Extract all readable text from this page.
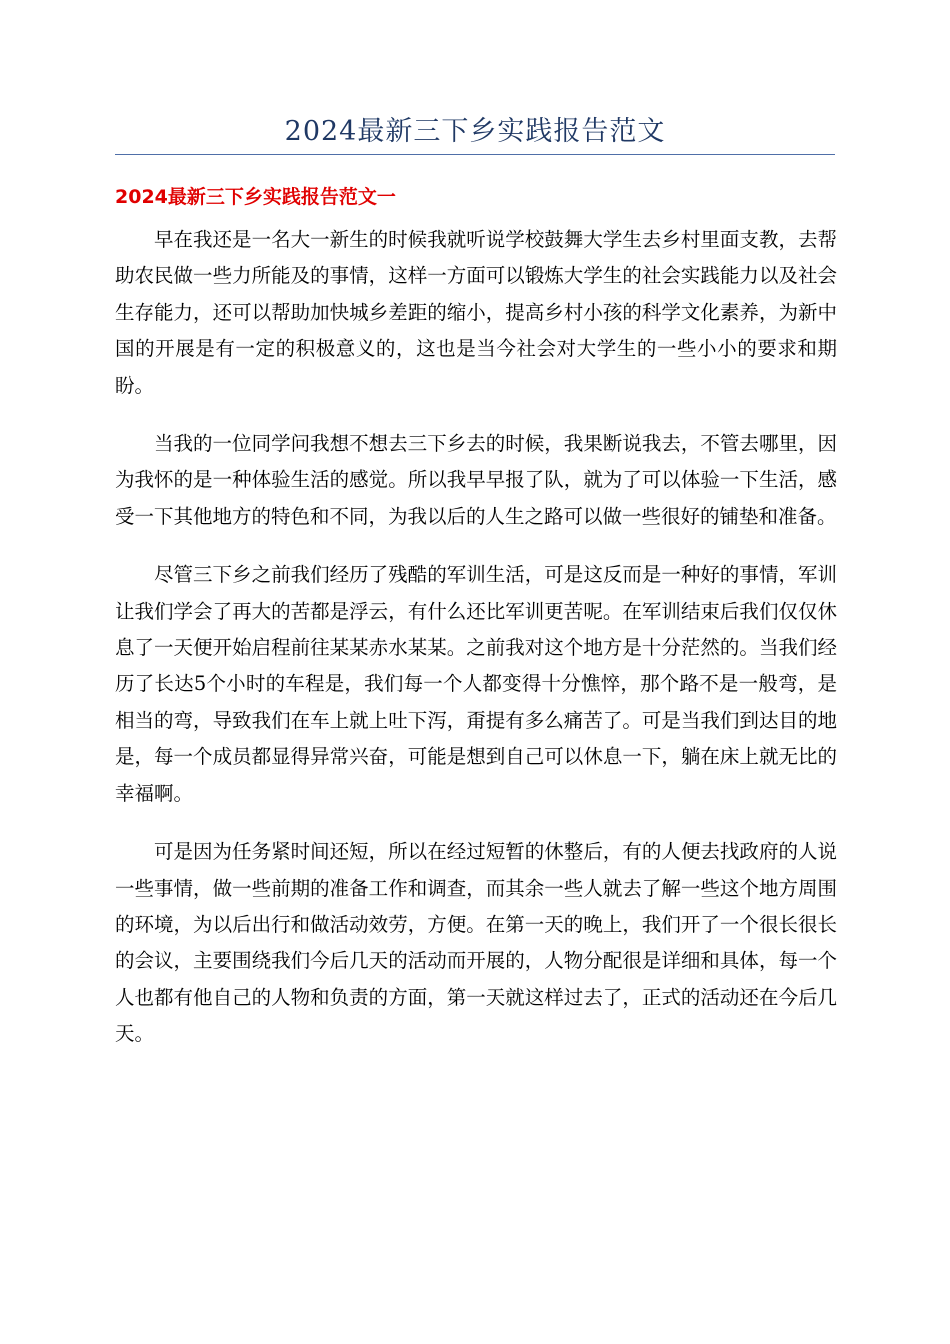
2024最新三下乡实践报告范文
2024最新三下乡实践报告范文一

早在我还是一名大一新生的时候我就听说学校鼓舞大学生去乡村里面支教，去帮助农民做一些力所能及的事情，这样一方面可以锻炼大学生的社会实践能力以及社会生存能力，还可以帮助加快城乡差距的缩小，提高乡村小孩的科学文化素养，为新中国的开展是有一定的积极意义的，这也是当今社会对大学生的一些小小的要求和期盼。

当我的一位同学问我想不想去三下乡去的时候，我果断说我去，不管去哪里，因为我怀的是一种体验生活的感觉。所以我早早报了队，就为了可以体验一下生活，感受一下其他地方的特色和不同，为我以后的人生之路可以做一些很好的铺垫和准备。

尽管三下乡之前我们经历了残酷的军训生活，可是这反而是一种好的事情，军训让我们学会了再大的苦都是浮云，有什么还比军训更苦呢。在军训结束后我们仅仅休息了一天便开始启程前往某某赤水某某。之前我对这个地方是十分茫然的。当我们经历了长达5个小时的车程是，我们每一个人都变得十分憔悴，那个路不是一般弯，是相当的弯，导致我们在车上就上吐下泻，甭提有多么痛苦了。可是当我们到达目的地是，每一个成员都显得异常兴奋，可能是想到自己可以休息一下，躺在床上就无比的幸福啊。

可是因为任务紧时间还短，所以在经过短暂的休整后，有的人便去找政府的人说一些事情，做一些前期的准备工作和调查，而其余一些人就去了解一些这个地方周围的环境，为以后出行和做活动效劳，方便。在第一天的晚上，我们开了一个很长很长的会议，主要围绕我们今后几天的活动而开展的，人物分配很是详细和具体，每一个人也都有他自己的人物和负责的方面，第一天就这样过去了，正式的活动还在今后几天。
